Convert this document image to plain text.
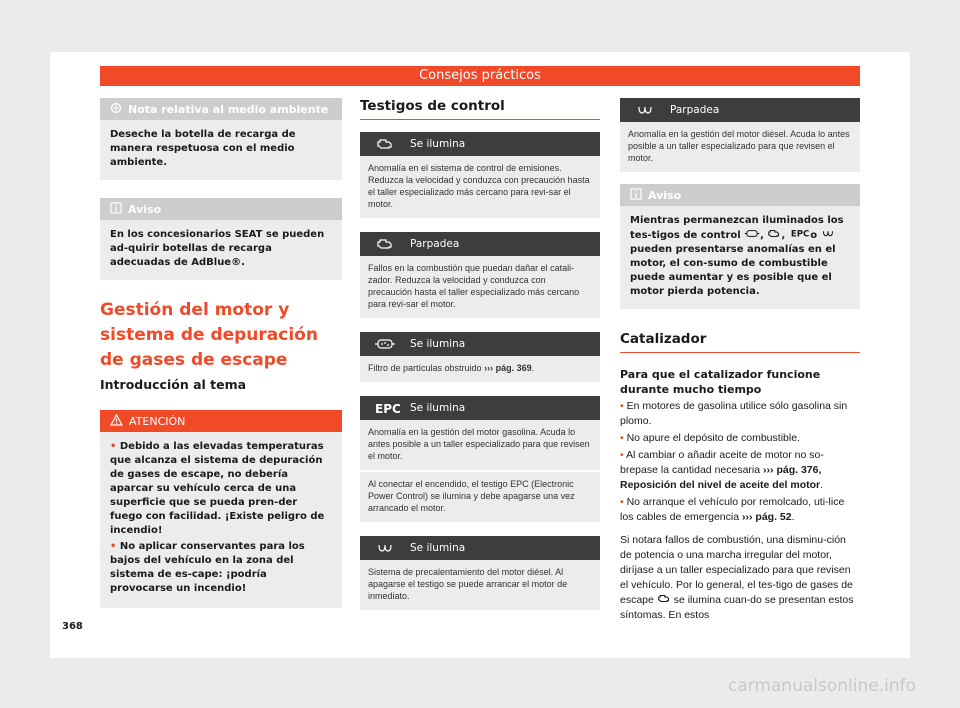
Consejos prácticos
Nota relativa al medio ambiente
Deseche la botella de recarga de manera respetuosa con el medio ambiente.
Aviso
En los concesionarios SEAT se pueden ad-quirir botellas de recarga adecuadas de AdBlue®.
Gestión del motor y sistema de depuración de gases de escape
Introducción al tema
ATENCIÓN
• Debido a las elevadas temperaturas que alcanza el sistema de depuración de gases de escape, no debería aparcar su vehículo cerca de una superficie que se pueda pren-der fuego con facilidad. ¡Existe peligro de incendio!
• No aplicar conservantes para los bajos del vehículo en la zona del sistema de es-cape: ¡podría provocarse un incendio!
Testigos de control
Se ilumina
Anomalía en el sistema de control de emisiones. Reduzca la velocidad y conduzca con precaución hasta el taller especializado más cercano para revi-sar el motor.
Parpadea
Fallos en la combustión que puedan dañar el catali-zador. Reduzca la velocidad y conduzca con precaución hasta el taller especializado más cercano para revi-sar el motor.
Se ilumina
Filtro de partículas obstruido ››› pág. 369.
EPC Se ilumina
Anomalía en la gestión del motor gasolina. Acuda lo antes posible a un taller especializado para que revisen el motor.
Al conectar el encendido, el testigo EPC (Electronic Power Control) se ilumina y debe apagarse una vez arrancado el motor.
Se ilumina
Sistema de precalentamiento del motor diésel. Al apagarse el testigo se puede arrancar el motor de inmediato.
Parpadea
Anomalía en la gestión del motor diésel. Acuda lo antes posible a un taller especializado para que revisen el motor.
Aviso
Mientras permanezcan iluminados los tes-tigos de control , , EPC o  pueden presentarse anomalías en el motor, el con-sumo de combustible puede aumentar y es posible que el motor pierda potencia.
Catalizador
Para que el catalizador funcione durante mucho tiempo

• En motores de gasolina utilice sólo gasolina sin plomo.

• No apure el depósito de combustible.

• Al cambiar o añadir aceite de motor no so-brepase la cantidad necesaria ››› pág. 376, Reposición del nivel de aceite del motor.

• No arranque el vehículo por remolcado, uti-lice los cables de emergencia ››› pág. 52.

Si notara fallos de combustión, una disminu-ción de potencia o una marcha irregular del motor, diríjase a un taller especializado para que revisen el vehículo. Por lo general, el tes-tigo de gases de escape se ilumina cuan-do se presentan estos síntomas. En estos

368
carmanualsonline.info
